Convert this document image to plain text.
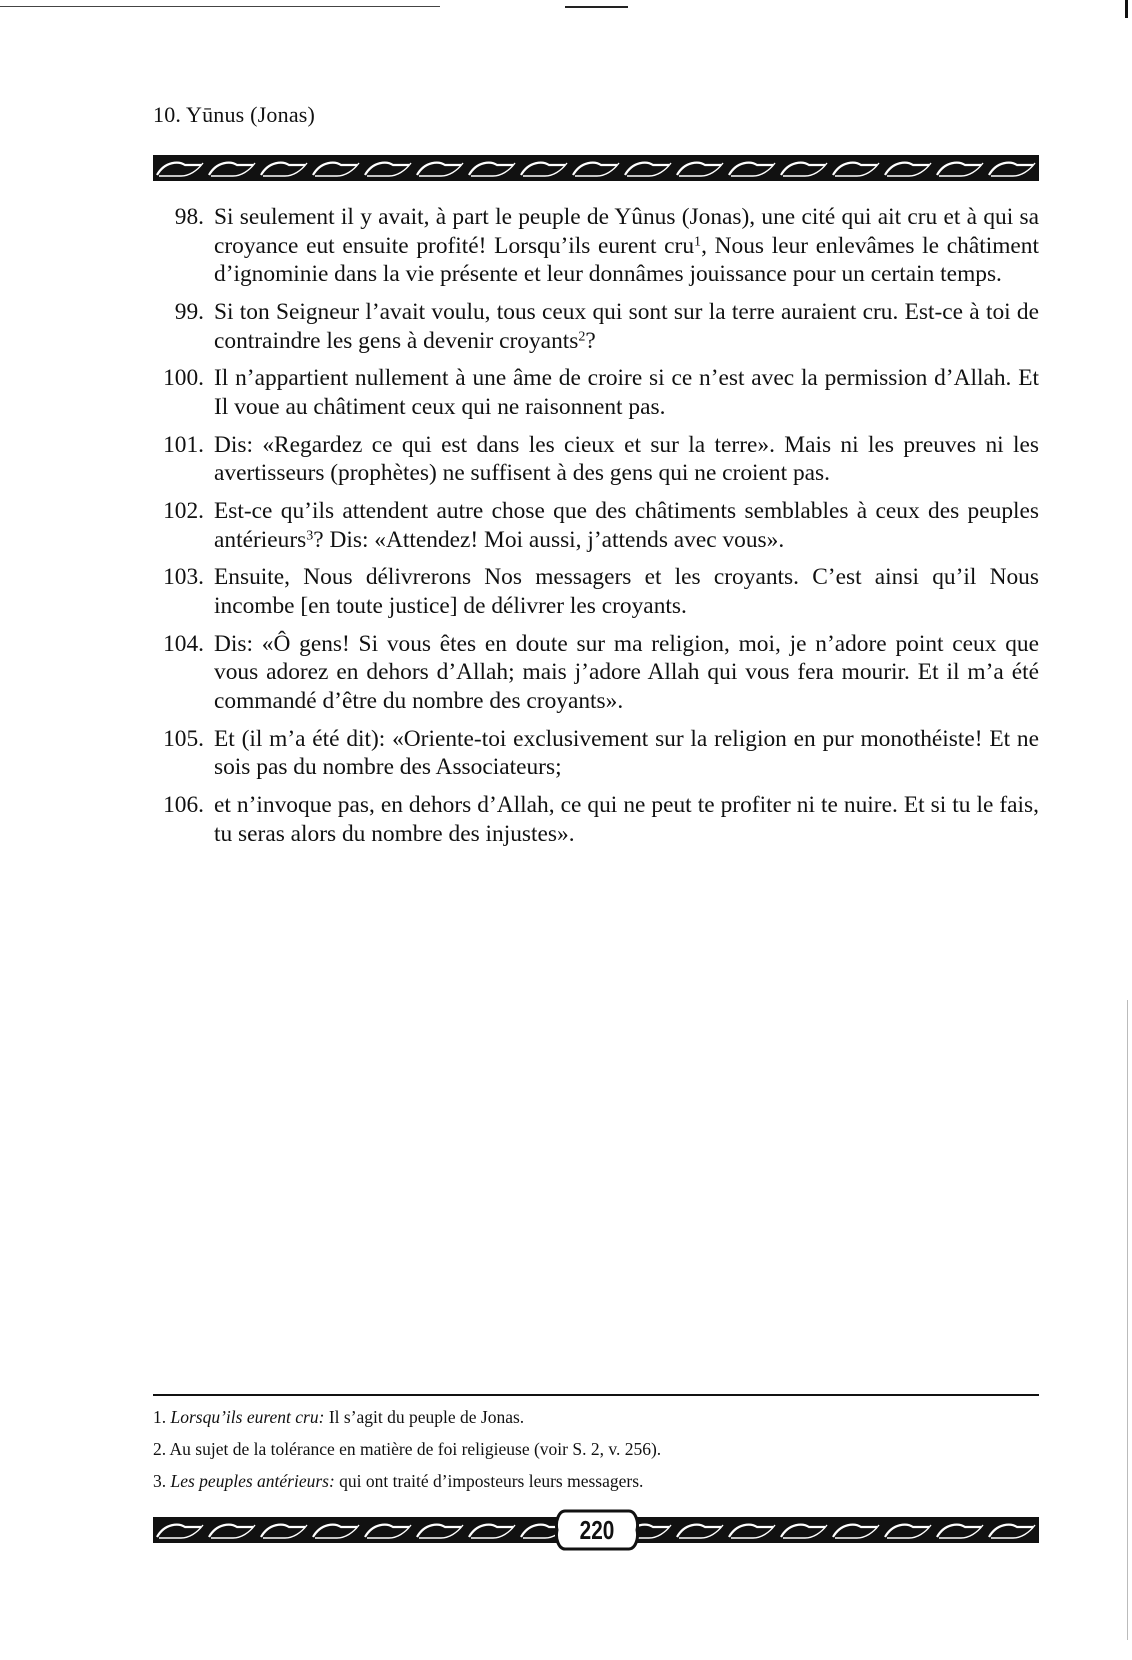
10. Yūnus (Jonas)
98. Si seulement il y avait, à part le peuple de Yûnus (Jonas), une cité qui ait cru et à qui sa croyance eut ensuite profité! Lorsqu’ils eurent cru$^1$, Nous leur enlevâmes le châtiment d’ignominie dans la vie présente et leur donnâmes jouissance pour un certain temps.
99. Si ton Seigneur l’avait voulu, tous ceux qui sont sur la terre auraient cru. Est-ce à toi de contraindre les gens à devenir croyants$^2$?
100. Il n’appartient nullement à une âme de croire si ce n’est avec la permission d’Allah. Et Il voue au châtiment ceux qui ne raisonnent pas.
101. Dis: «Regardez ce qui est dans les cieux et sur la terre». Mais ni les preuves ni les avertisseurs (prophètes) ne suffisent à des gens qui ne croient pas.
102. Est-ce qu’ils attendent autre chose que des châtiments semblables à ceux des peuples antérieurs$^3$? Dis: «Attendez! Moi aussi, j’attends avec vous».
103. Ensuite, Nous délivrerons Nos messagers et les croyants. C’est ainsi qu’il Nous incombe [en toute justice] de délivrer les croyants.
104. Dis: «Ô gens! Si vous êtes en doute sur ma religion, moi, je n’adore point ceux que vous adorez en dehors d’Allah; mais j’adore Allah qui vous fera mourir. Et il m’a été commandé d’être du nombre des croyants».
105. Et (il m’a été dit): «Oriente-toi exclusivement sur la religion en pur monothéiste! Et ne sois pas du nombre des Associateurs;
106. et n’invoque pas, en dehors d’Allah, ce qui ne peut te profiter ni te nuire. Et si tu le fais, tu seras alors du nombre des injustes».
1. Lorsqu’ils eurent cru: Il s’agit du peuple de Jonas.
2. Au sujet de la tolérance en matière de foi religieuse (voir S. 2, v. 256).
3. Les peuples antérieurs: qui ont traité d’imposteurs leurs messagers.
220
